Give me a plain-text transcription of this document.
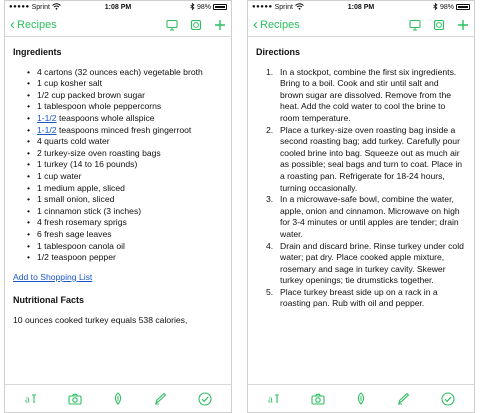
●●●●● Sprint	1:08 PM	98%
‹ Recipes
Ingredients
• 4 cartons (32 ounces each) vegetable broth
• 1 cup kosher salt
• 1/2 cup packed brown sugar
• 1 tablespoon whole peppercorns
• 1-1/2 teaspoons whole allspice
• 1-1/2 teaspoons minced fresh gingerroot
• 4 quarts cold water
• 2 turkey-size oven roasting bags
• 1 turkey (14 to 16 pounds)
• 1 cup water
• 1 medium apple, sliced
• 1 small onion, sliced
• 1 cinnamon stick (3 inches)
• 4 fresh rosemary sprigs
• 6 fresh sage leaves
• 1 tablespoon canola oil
• 1/2 teaspoon pepper
Add to Shopping List
Nutritional Facts
10 ounces cooked turkey equals 538 calories,
a
●●●●● Sprint	1:08 PM	98%
‹ Recipes
Directions
1. In a stockpot, combine the first six ingredients. Bring to a boil. Cook and stir until salt and brown sugar are dissolved. Remove from the heat. Add the cold water to cool the brine to room temperature.
2. Place a turkey-size oven roasting bag inside a second roasting bag; add turkey. Carefully pour cooled brine into bag. Squeeze out as much air as possible; seal bags and turn to coat. Place in a roasting pan. Refrigerate for 18-24 hours, turning occasionally.
3. In a microwave-safe bowl, combine the water, apple, onion and cinnamon. Microwave on high for 3-4 minutes or until apples are tender; drain water.
4. Drain and discard brine. Rinse turkey under cold water; pat dry. Place cooked apple mixture, rosemary and sage in turkey cavity. Skewer turkey openings; tie drumsticks together.
5. Place turkey breast side up on a rack in a roasting pan. Rub with oil and pepper.
a
